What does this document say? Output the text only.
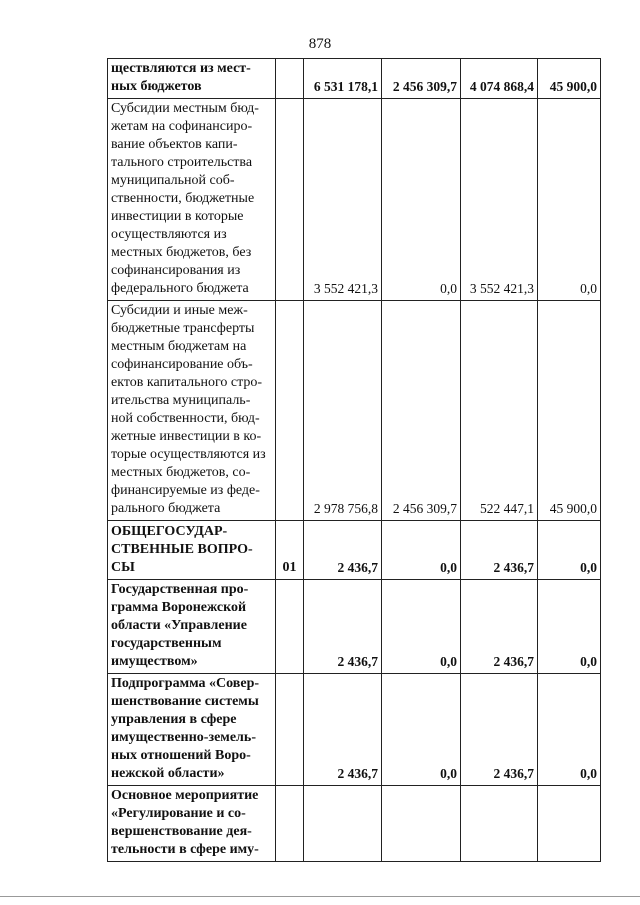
878
ществляются из мест-ных бюджетов		6 531 178,1	2 456 309,7	4 074 868,4	45 900,0
Субсидии местным бюд-жетам на софинансиро-вание объектов капи-тального строительства муниципальной соб-ственности, бюджетные инвестиции в которые осуществляются из местных бюджетов, без софинансирования из федерального бюджета		3 552 421,3	0,0	3 552 421,3	0,0
Субсидии и иные меж-бюджетные трансферты местным бюджетам на софинансирование объ-ектов капитального стро-ительства муниципаль-ной собственности, бюд-жетные инвестиции в ко-торые осуществляются из местных бюджетов, со-финансируемые из феде-рального бюджета		2 978 756,8	2 456 309,7	522 447,1	45 900,0
ОБЩЕГОСУДАР-СТВЕННЫЕ ВОПРО-СЫ	01	2 436,7	0,0	2 436,7	0,0
Государственная про-грамма Воронежской области «Управление государственным имуществом»		2 436,7	0,0	2 436,7	0,0
Подпрограмма «Совер-шенствование системы управления в сфере имущественно-земель-ных отношений Воро-нежской области»		2 436,7	0,0	2 436,7	0,0
Основное мероприятие «Регулирование и со-вершенствование дея-тельности в сфере иму-					
